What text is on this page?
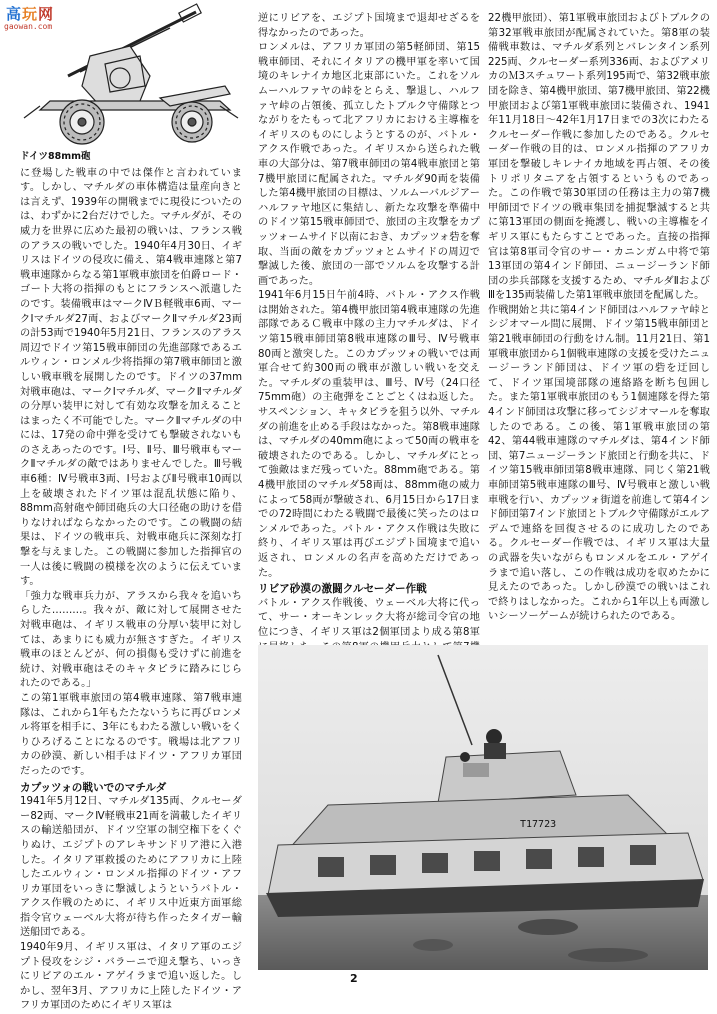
高玩网
gaowan.com

ドイツ88mm砲

に登場した戦車の中では傑作と言われています。しかし、マチルダの車体構造は量産向きとは言えず、1939年の開戦までに現役についたのは、わずかに2台だけでした。マチルダが、その威力を世界に広めた最初の戦いは、フランス戦のアラスの戦いでした。1940年4月30日、イギリスはドイツの侵攻に備え、第4戦車連隊と第7戦車連隊からなる第1軍戦車旅団を伯爵ロード・ゴート大将の指揮のもとにフランスへ派遣したのです。装備戦車はマークⅣＢ軽戦車6両、マークⅠマチルダ27両、およびマークⅡマチルダ23両の計53両で1940年5月21日、フランスのアラス周辺でドイツ第15戦車師団の先進部隊であるエルウィン・ロンメル少将指揮の第7戦車師団と激しい戦車戦を展開したのです。ドイツの37mm対戦車砲は、マークⅠマチルダ、マークⅡマチルダの分厚い装甲に対して有効な攻撃を加えることはまったく不可能でした。マークⅡマチルダの中には、17発の命中弾を受けても撃破されないものさえあったのです。Ⅰ号、Ⅱ号、Ⅲ号戦車もマークⅡマチルダの敵ではありませんでした。Ⅲ号戦車6種：Ⅳ号戦車3両、Ⅰ号およびⅡ号戦車10両以上を破壊されたドイツ軍は混乱状態に陥り、88mm高射砲や師団砲兵の大口径砲の助けを借りなければならなかったのです。この戦闘の結果は、ドイツの戦車兵、対戦車砲兵に深刻な打撃を与えました。この戦闘に参加した指揮官の一人は後に戦闘の模様を次のように伝えています。

「強力な戦車兵力が、アラスから我々を追いちらした………。我々が、敵に対して展開させた対戦車砲は、イギリス戦車の分厚い装甲に対しては、あまりにも威力が無さすぎた。イギリス戦車のほとんどが、何の損傷も受けずに前進を続け、対戦車砲はそのキャタピラに踏みにじられたのである。」

この第1軍戦車旅団の第4戦車連隊、第7戦車連隊は、これから1年もたたないうちに再びロンメル将軍を相手に、3年にもわたる激しい戦いをくりひろげることになるのです。戦場は北アフリカの砂漠、新しい相手はドイツ・アフリカ軍団だったのです。

カプッツォの戦いでのマチルダ

1941年5月12日、マチルダ135両、クルセーダー82両、マークⅣ軽戦車21両を満載したイギリスの輸送船団が、ドイツ空軍の制空権下をくぐりぬけ、エジプトのアレキサンドリア港に入港した。イタリア軍救援のためにアフリカに上陸したエルウィン・ロンメル指揮のドイツ・アフリカ軍団をいっきに撃滅しようというバトル・アクス作戦のために、イギリス中近東方面軍総指令官ウェーベル大将が待ち作ったタイガー輸送船団である。

1940年9月、イギリス軍は、イタリア軍のエジプト侵攻をシジ・バラーニで迎え撃ち、いっきにリビアのエル・アゲイラまで追い返した。しかし、翌年3月、アフリカに上陸したドイツ・アフリカ軍団のためにイギリス軍は

逆にリビアを、エジプト国境まで退却せざるを得なかったのであった。

ロンメルは、アフリカ軍団の第5軽師団、第15戦車師団、それにイタリアの機甲軍を率いて国境のキレナイカ地区北東部にいた。これをソルムーハルファヤの峠をとらえ、撃退し、ハルファヤ峠の占領後、孤立したトブルク守備隊とつながりをたもって北アフリカにおける主導権をイギリスのものにしようとするのが、バトル・アクス作戦であった。イギリスから送られた戦車の大部分は、第7戦車師団の第4戦車旅団と第7機甲旅団に配属された。マチルダ90両を装備した第4機甲旅団の目標は、ソルムーバルジアーハルファヤ地区に集結し、新たな攻撃を準備中のドイツ第15戦車師団で、旅団の主攻撃をカプッツォームサイド以南におき、カプッツォ砦を奪取、当面の敵をカプッツォとムサイドの周辺で撃滅した後、旅団の一部でソルムを攻撃する計画であった。

1941年6月15日午前4時、バトル・アクス作戦は開始された。第4機甲旅団第4戦車連隊の先進部隊であるＣ戦車中隊の主力マチルダは、ドイツ第15戦車師団第8戦車連隊のⅢ号、Ⅳ号戦車80両と激突した。このカプッツォの戦いでは両軍合せて約300両の戦車が激しい戦いを交えた。マチルダの重装甲は、Ⅲ号、Ⅳ号（24口径75mm砲）の主砲弾をことごとくはね返した。サスペンション、キャタピラを狙う以外、マチルダの前進を止める手段はなかった。第8戦車連隊は、マチルダの40mm砲によって50両の戦車を破壊されたのである。しかし、マチルダにとって強敵はまだ残っていた。88mm砲である。第4機甲旅団のマチルダ58両は、88mm砲の威力によって58両が撃破され、6月15日から17日までの72時間にわたる戦闘で最後に笑ったのはロンメルであった。バトル・アクス作戦は失敗に終り、イギリス軍は再びエジプト国境まで追い返され、ロンメルの名声を高めただけであった。

リビア砂漠の激闘クルセーダー作戦

バトル・アクス作戦後、ウェーベル大将に代って、サー・オーキンレック大将が総司令官の地位につき、イギリス軍は2個軍団より成る第8軍

22機甲旅団）、第1軍戦車旅団およびトブルクの第32軍戦車旅団が配属されていた。第8軍の装備戦車数は、マチルダ系列とバレンタイン系列225両、クルセーダー系列336両、およびアメリカのＭ3スチュワート系列195両で、第32戦車旅団を除き、第4機甲旅団、第7機甲旅団、第22機甲旅団および第1軍戦車旅団に装備され、1941年11月18日～42年1月17日までの3次にわたるクルセーダー作戦に参加したのである。クルセーダー作戦の目的は、ロンメル指揮のアフリカ軍団を撃破しキレナイカ地域を再占領、その後トリポリタニアを占領するというものであった。この作戦で第30軍団の任務は主力の第7機甲師団でドイツの戦車集団を捕捉撃滅すると共に第13軍団の側面を掩護し、戦いの主導権をイギリス軍にもたらすことであった。直接の指揮官は第8軍司令官のサー・カニンガム中将で第13軍団の第4インド師団、ニュージーランド師団の歩兵部隊を支援するため、マチルダⅡおよびⅢを135両装備した第1軍戦車旅団を配属した。

作戦開始と共に第4インド師団はハルファヤ峠とシジオマール間に展開、ドイツ第15戦車師団と第21戦車師団の行動をけん制。11月21日、第1軍戦車旅団から1個戦車連隊の支援を受けたニュージーランド師団は、ドイツ軍の砦を迂回して、ドイツ軍国境部隊の連絡路を断ち包囲した。また第1軍戦車旅団のもう1個連隊を得た第4インド師団は攻撃に移ってシジオマールを奪取したのである。この後、第1軍戦車旅団の第42、第44戦車連隊のマチルダは、第4インド師団、第7ニュージーランド旅団と行動を共に、ドイツ第15戦車師団第8戦車連隊、同じく第21戦車師団第5戦車連隊のⅢ号、Ⅳ号戦車と激しい戦車戦を行い、カプッツォ街道を前進して第4インド師団第7インド旅団とトブルク守備隊がエルアデムで連絡を回復させるのに成功したのである。クルセーダー作戦では、イギリス軍は大量の武器を失いながらもロンメルをエル・アゲイラまで追い落し、この作戦は成功を収めたかに見えたのであった。しかし砂漠での戦いはこれで終りはしなかった。これから1年以上も両激しいシーソーゲームが続けられたのである。

T17723
2
